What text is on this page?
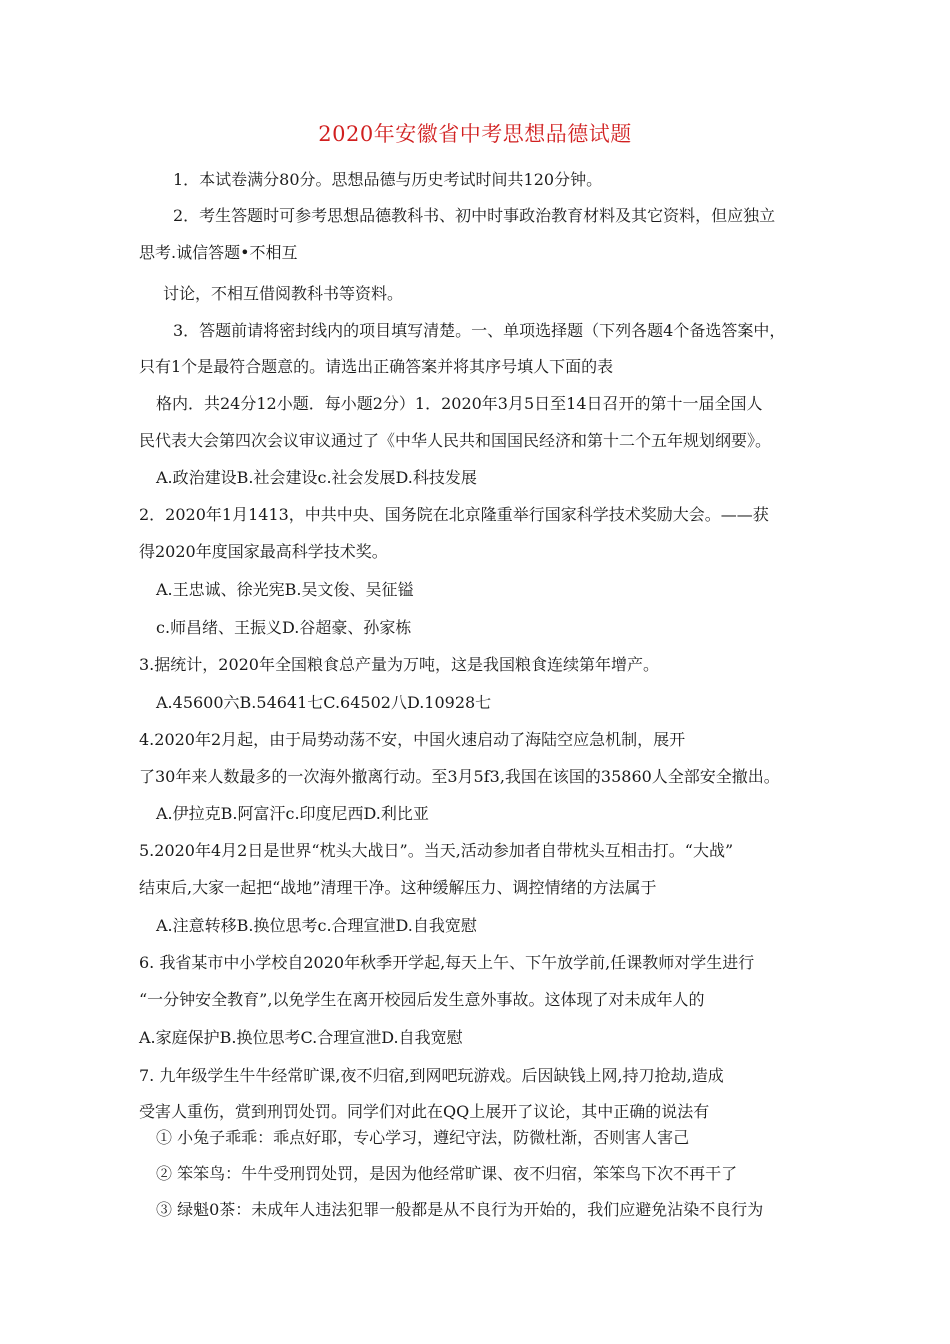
2020年安徽省中考思想品德试题
1．本试卷满分80分。思想品德与历史考试时间共120分钟。
2．考生答题时可参考思想品德教科书、初中时事政治教育材料及其它资料，但应独立
思考.诚信答题•不相互
讨论，不相互借阅教科书等资料。
3．答题前请将密封线内的项目填写清楚。一、单项选择题（下列各题4个备选答案中，
只有1个是最符合题意的。请选出正确答案并将其序号填人下面的表
格内．共24分12小题．每小题2分）1．2020年3月5日至14日召开的第十一届全国人
民代表大会第四次会议审议通过了《中华人民共和国国民经济和第十二个五年规划纲要》。
A.政治建设B.社会建设c.社会发展D.科技发展
2．2020年1月1413，中共中央、国务院在北京隆重举行国家科学技术奖励大会。——获
得2020年度国家最高科学技术奖。
A.王忠诚、徐光宪B.吴文俊、吴征镒
c.师昌绪、王振义D.谷超豪、孙家栋
3.据统计，2020年全国粮食总产量为万吨，这是我国粮食连续第年增产。
A.45600六B.54641七C.64502八D.10928七
4.2020年2月起，由于局势动荡不安，中国火速启动了海陆空应急机制，展开
了30年来人数最多的一次海外撤离行动。至3月5f3,我国在该国的35860人全部安全撤出。
A.伊拉克B.阿富汗c.印度尼西D.利比亚
5.2020年4月2日是世界“枕头大战日”。当天,活动参加者自带枕头互相击打。“大战”
结束后,大家一起把“战地”清理干净。这种缓解压力、调控情绪的方法属于
A.注意转移B.换位思考c.合理宣泄D.自我宽慰
6. 我省某市中小学校自2020年秋季开学起,每天上午、下午放学前,任课教师对学生进行
“一分钟安全教育”,以免学生在离开校园后发生意外事故。这体现了对未成年人的
A.家庭保护B.换位思考C.合理宣泄D.自我宽慰
7. 九年级学生牛牛经常旷课,夜不归宿,到网吧玩游戏。后因缺钱上网,持刀抢劫,造成
受害人重伤，赏到刑罚处罚。同学们对此在QQ上展开了议论，其中正确的说法有
① 小兔子乖乖：乖点好耶，专心学习，遵纪守法，防微杜渐，否则害人害己
② 笨笨鸟：牛牛受刑罚处罚，是因为他经常旷课、夜不归宿，笨笨鸟下次不再干了
③ 绿魁0茶：未成年人违法犯罪一般都是从不良行为开始的，我们应避免沾染不良行为
